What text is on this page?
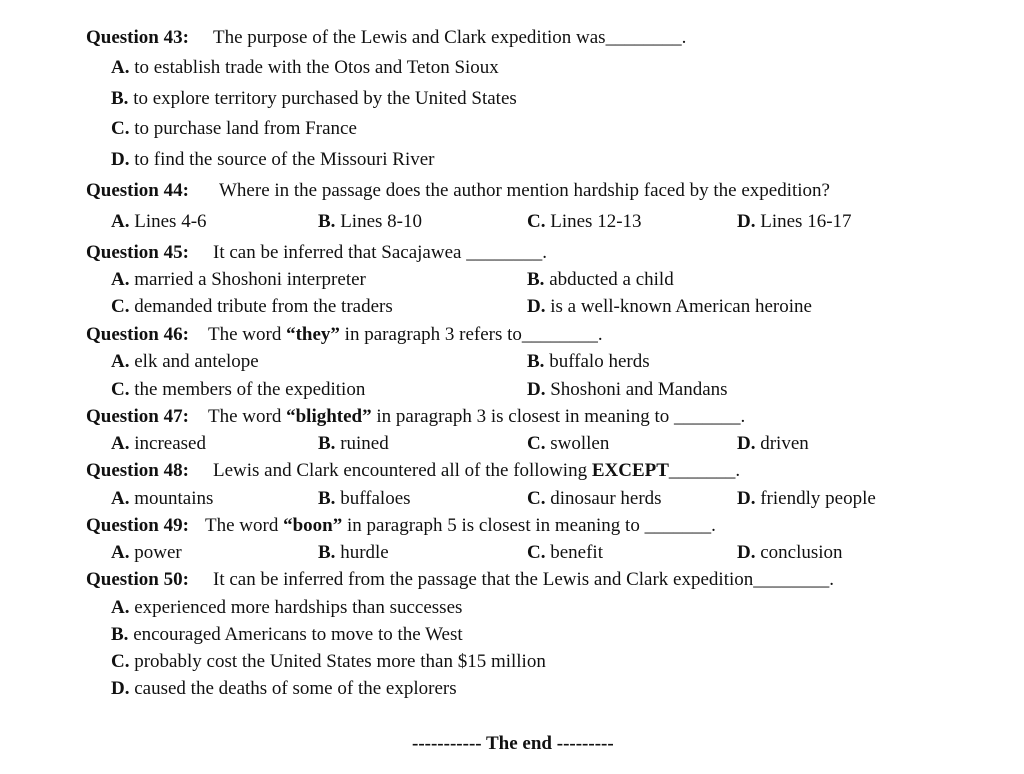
Question 43: The purpose of the Lewis and Clark expedition was________.
A. to establish trade with the Otos and Teton Sioux
B. to explore territory purchased by the United States
C. to purchase land from France
D. to find the source of the Missouri River
Question 44: Where in the passage does the author mention hardship faced by the expedition?
A. Lines 4-6	B. Lines 8-10	C. Lines 12-13	D. Lines 16-17
Question 45: It can be inferred that Sacajawea ________.
A. married a Shoshoni interpreter	B. abducted a child
C. demanded tribute from the traders	D. is a well-known American heroine
Question 46: The word “they” in paragraph 3 refers to________.
A. elk and antelope	B. buffalo herds
C. the members of the expedition	D. Shoshoni and Mandans
Question 47: The word “blighted” in paragraph 3 is closest in meaning to _______.
A. increased	B. ruined	C. swollen	D. driven
Question 48: Lewis and Clark encountered all of the following EXCEPT_______.
A. mountains	B. buffaloes	C. dinosaur herds	D. friendly people
Question 49: The word “boon” in paragraph 5 is closest in meaning to _______.
A. power	B. hurdle	C. benefit	D. conclusion
Question 50: It can be inferred from the passage that the Lewis and Clark expedition________.
A. experienced more hardships than successes
B. encouraged Americans to move to the West
C. probably cost the United States more than $15 million
D. caused the deaths of some of the explorers
----------- The end ---------
